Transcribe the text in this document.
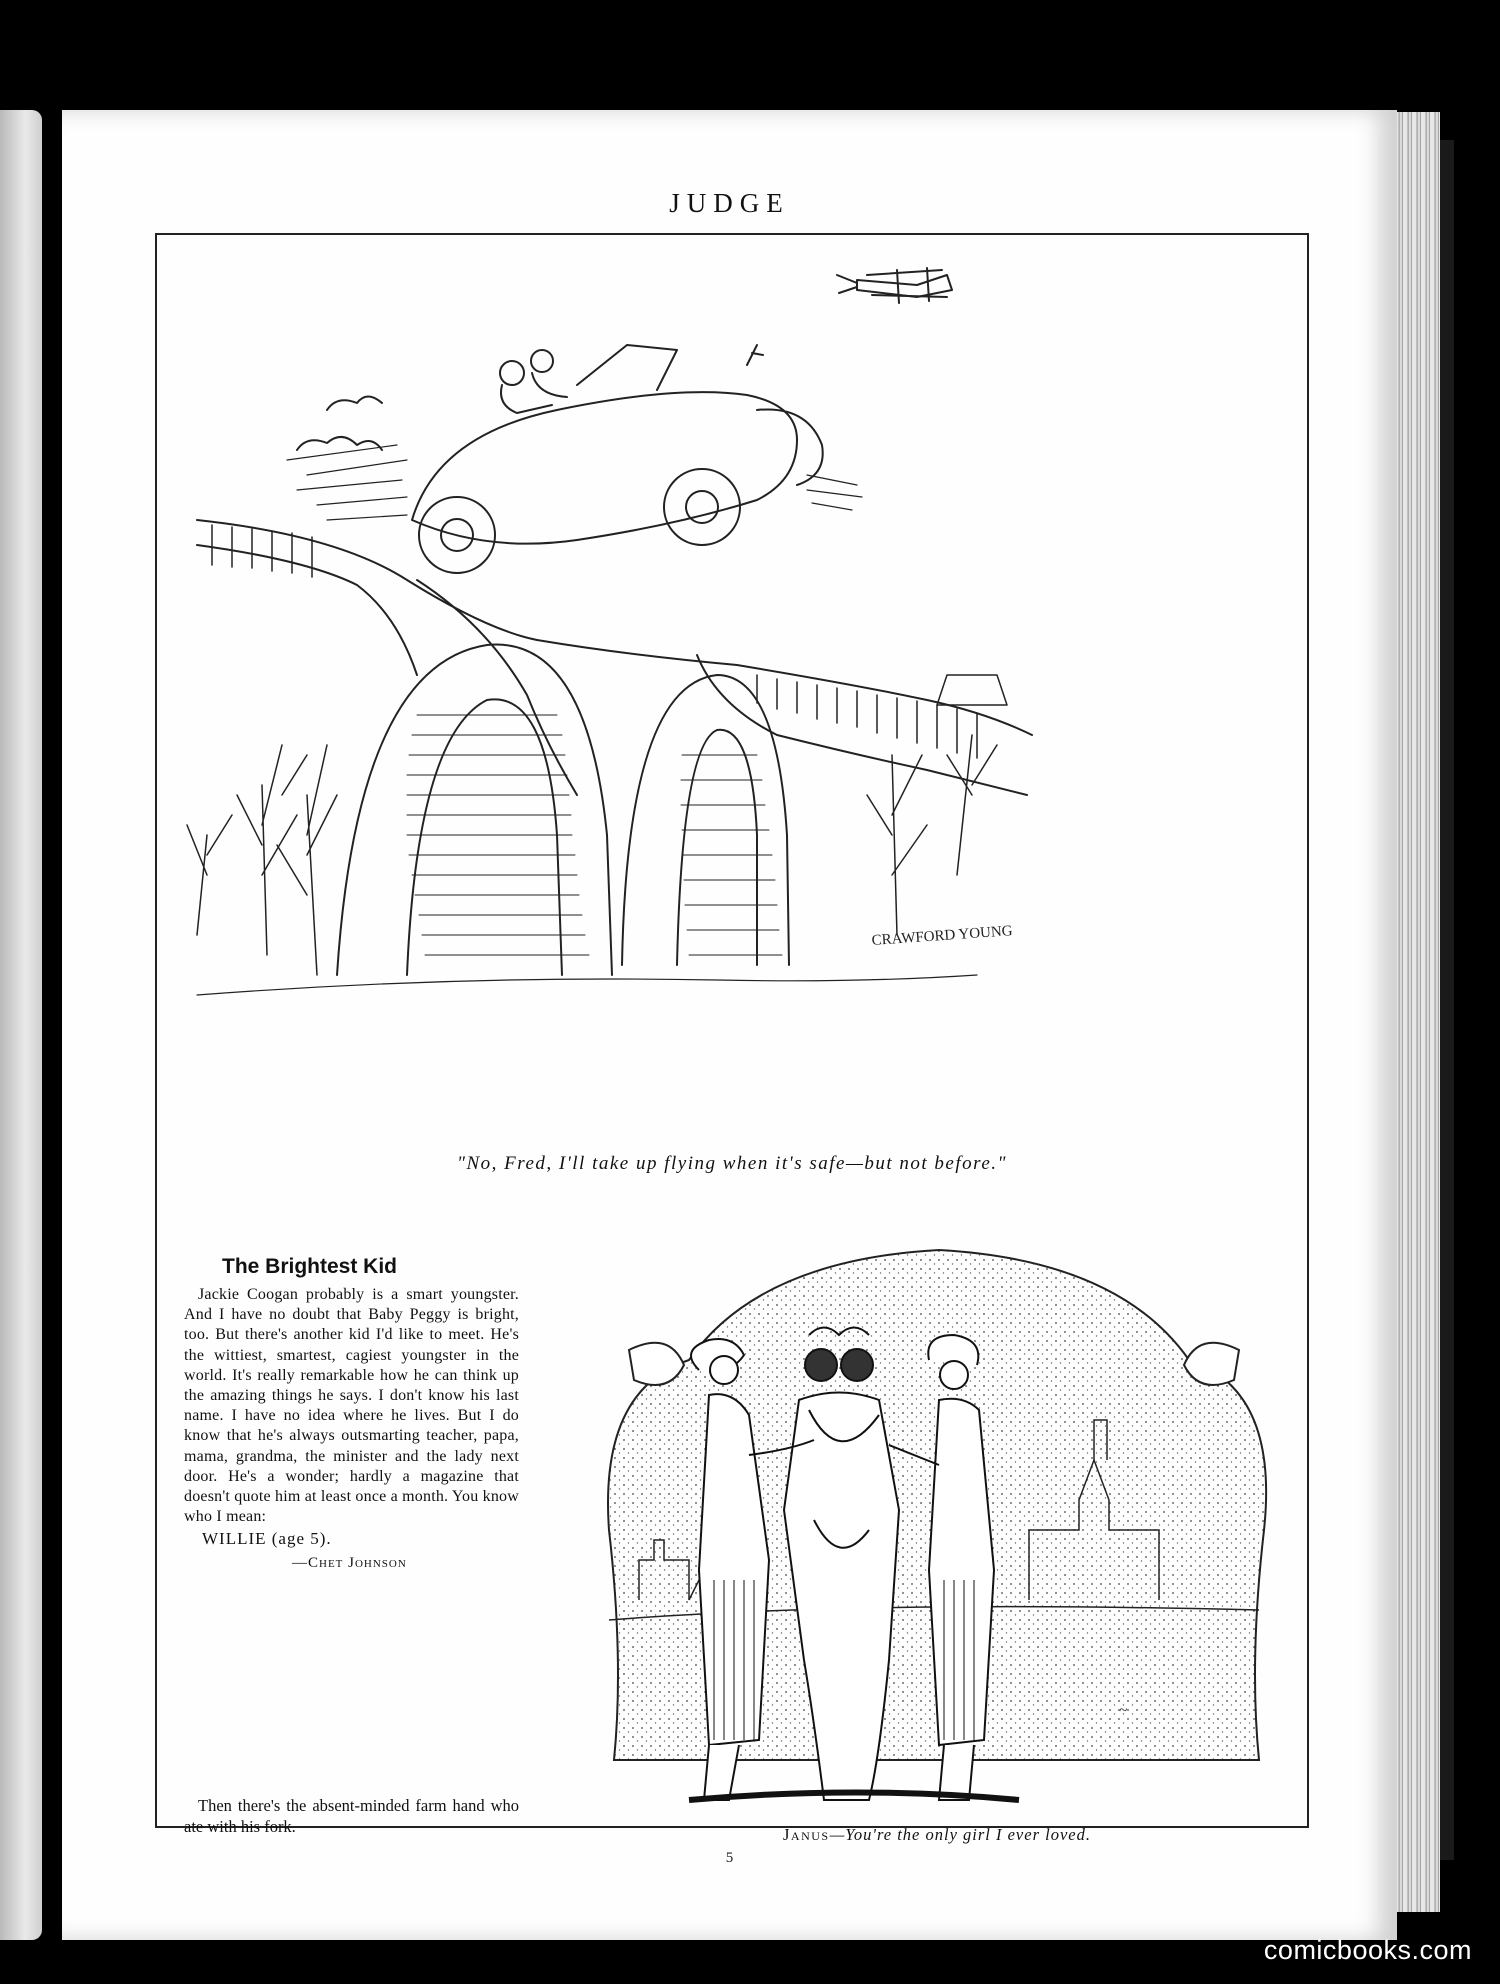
JUDGE
CRAWFORD YOUNG
"No, Fred, I'll take up flying when it's safe—but not before."
The Brightest Kid

Jackie Coogan probably is a smart youngster. And I have no doubt that Baby Peggy is bright, too. But there's another kid I'd like to meet. He's the wittiest, smartest, cagiest youngster in the world. It's really remarkable how he can think up the amazing things he says. I don't know his last name. I have no idea where he lives. But I do know that he's always outsmarting teacher, papa, mama, grandma, the minister and the lady next door. He's a wonder; hardly a magazine that doesn't quote him at least once a month. You know who I mean:

WILLIE (age 5).
—Chet Johnson

Then there's the absent-minded farm hand who ate with his fork.

~
Janus—You're the only girl I ever loved.
5
comicbooks.com
